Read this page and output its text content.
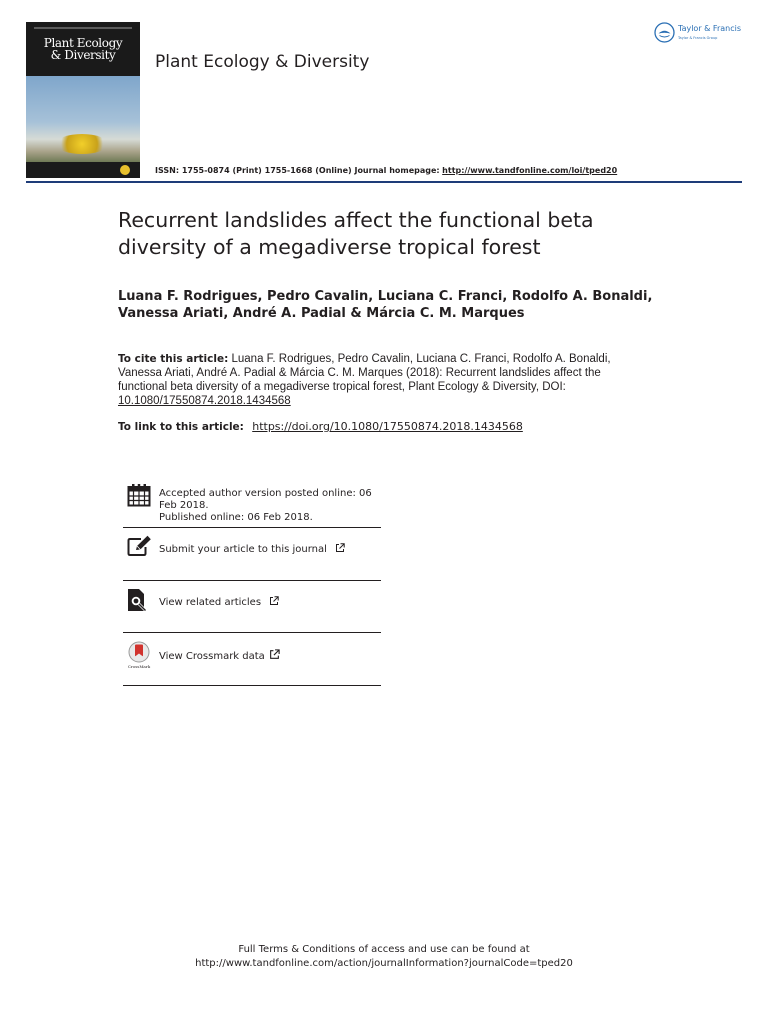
Plant Ecology
& Diversity	Plant Ecology & Diversity
Taylor & Francis
Taylor & Francis Group
ISSN: 1755-0874 (Print) 1755-1668 (Online) Journal homepage: http://www.tandfonline.com/loi/tped20
Recurrent landslides affect the functional beta diversity of a megadiverse tropical forest
Luana F. Rodrigues, Pedro Cavalin, Luciana C. Franci, Rodolfo A. Bonaldi, Vanessa Ariati, André A. Padial & Márcia C. M. Marques
To cite this article: Luana F. Rodrigues, Pedro Cavalin, Luciana C. Franci, Rodolfo A. Bonaldi, Vanessa Ariati, André A. Padial & Márcia C. M. Marques (2018): Recurrent landslides affect the functional beta diversity of a megadiverse tropical forest, Plant Ecology & Diversity, DOI: 10.1080/17550874.2018.1434568
To link to this article: https://doi.org/10.1080/17550874.2018.1434568
Accepted author version posted online: 06
Feb 2018.
Published online: 06 Feb 2018.
Submit your article to this journal
View related articles
CrossMark
View Crossmark data
Full Terms & Conditions of access and use can be found at
http://www.tandfonline.com/action/journalInformation?journalCode=tped20
